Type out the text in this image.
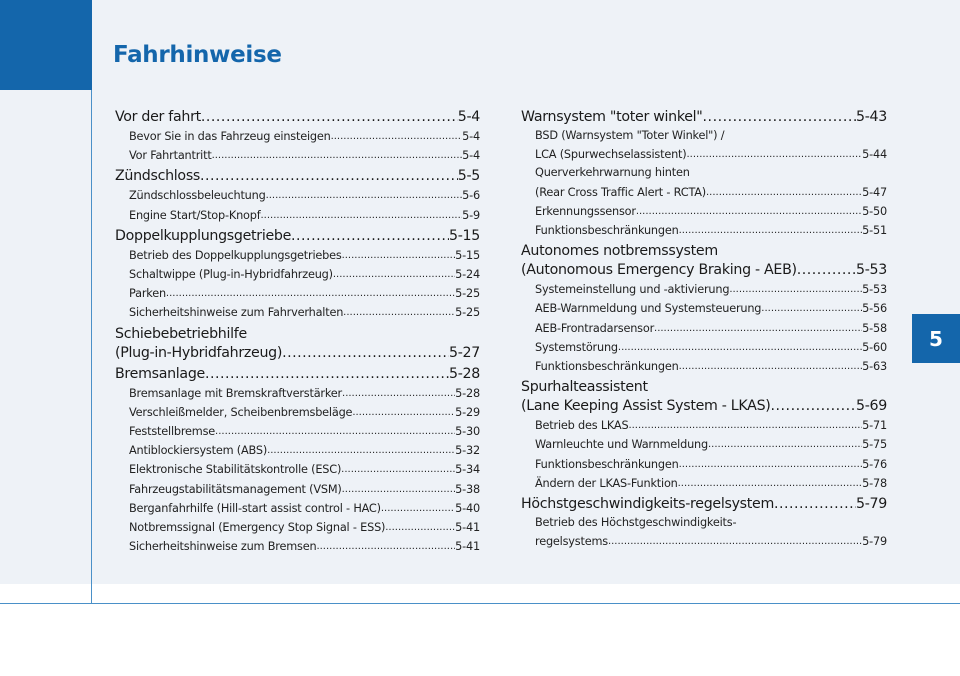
Fahrhinweise
5
Vor der fahrt .....	5-4
Bevor Sie in das Fahrzeug einsteigen .....	5-4
Vor Fahrtantritt .....	5-4
Zündschloss .....	5-5
Zündschlossbeleuchtung .....	5-6
Engine Start/Stop-Knopf .....	5-9
Doppelkupplungsgetriebe .....	5-15
Betrieb des Doppelkupplungsgetriebes .....	5-15
Schaltwippe (Plug-in-Hybridfahrzeug) .....	5-24
Parken .....	5-25
Sicherheitshinweise zum Fahrverhalten .....	5-25
Schiebebetriebhilfe
(Plug-in-Hybridfahrzeug) .....	5-27
Bremsanlage .....	5-28
Bremsanlage mit Bremskraftverstärker .....	5-28
Verschleißmelder, Scheibenbremsbeläge .....	5-29
Feststellbremse .....	5-30
Antiblockiersystem (ABS) .....	5-32
Elektronische Stabilitätskontrolle (ESC) .....	5-34
Fahrzeugstabilitätsmanagement (VSM) .....	5-38
Berganfahrhilfe (Hill-start assist control - HAC) .....	5-40
Notbremssignal (Emergency Stop Signal - ESS) .....	5-41
Sicherheitshinweise zum Bremsen .....	5-41
Warnsystem "toter winkel" .....	5-43
BSD (Warnsystem "Toter Winkel") /
LCA (Spurwechselassistent) .....	5-44
Querverkehrwarnung hinten
(Rear Cross Traffic Alert - RCTA) .....	5-47
Erkennungssensor .....	5-50
Funktionsbeschränkungen .....	5-51
Autonomes notbremssystem
(Autonomous Emergency Braking - AEB) .....	5-53
Systemeinstellung und -aktivierung .....	5-53
AEB-Warnmeldung und Systemsteuerung .....	5-56
AEB-Frontradarsensor .....	5-58
Systemstörung .....	5-60
Funktionsbeschränkungen .....	5-63
Spurhalteassistent
(Lane Keeping Assist System - LKAS) .....	5-69
Betrieb des LKAS .....	5-71
Warnleuchte und Warnmeldung .....	5-75
Funktionsbeschränkungen .....	5-76
Ändern der LKAS-Funktion .....	5-78
Höchstgeschwindigkeits-regelsystem .....	5-79
Betrieb des Höchstgeschwindigkeits-
regelsystems .....	5-79
